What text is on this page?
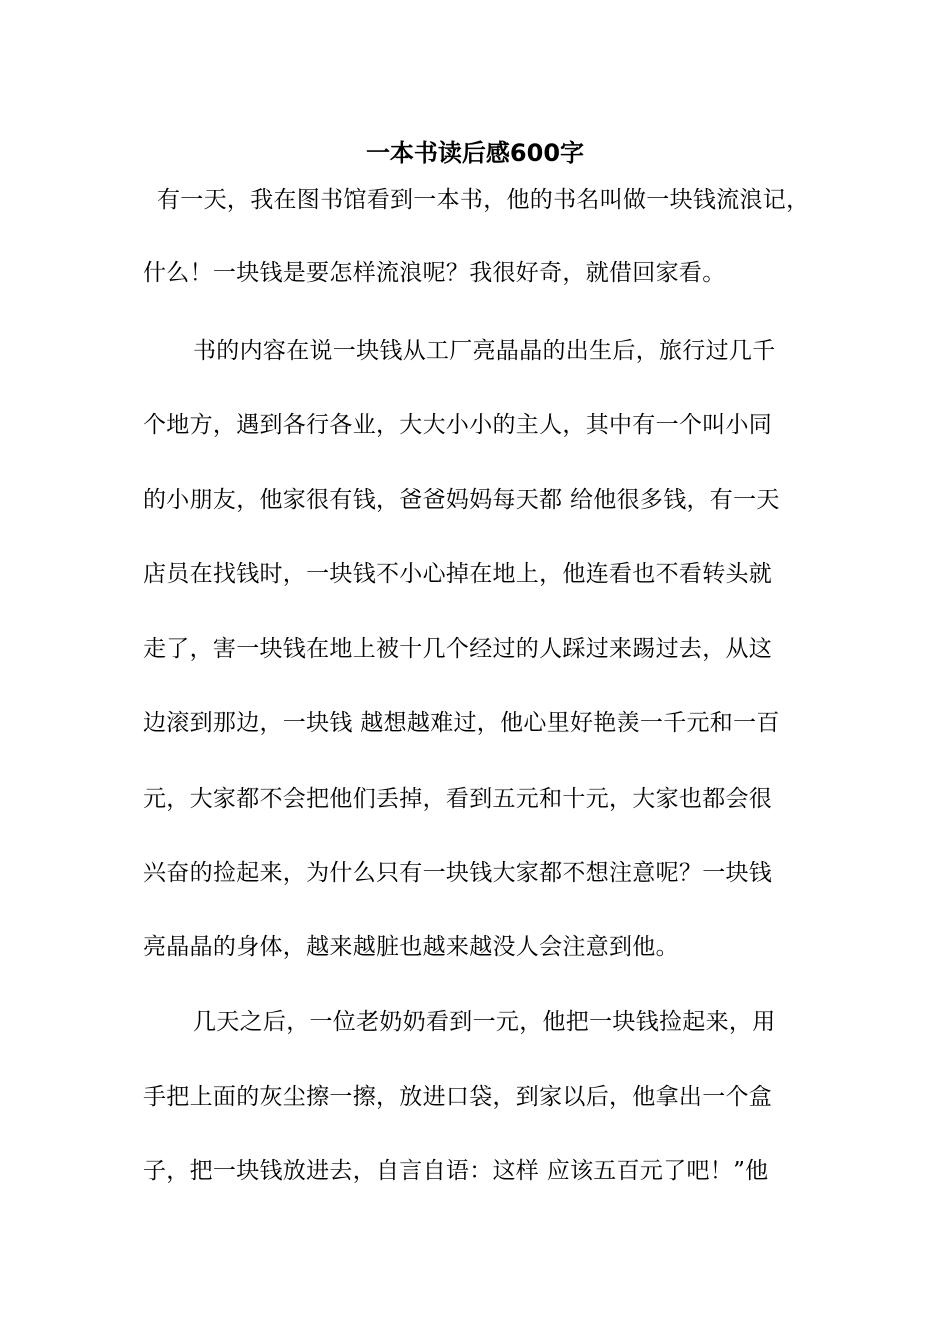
一本书读后感600字
有一天，我在图书馆看到一本书，他的书名叫做一块钱流浪记，
什么！一块钱是要怎样流浪呢？我很好奇，就借回家看。
书的内容在说一块钱从工厂亮晶晶的出生后，旅行过几千
个地方，遇到各行各业，大大小小的主人，其中有一个叫小同
的小朋友，他家很有钱，爸爸妈妈每天都 给他很多钱，有一天
店员在找钱时，一块钱不小心掉在地上，他连看也不看转头就
走了，害一块钱在地上被十几个经过的人踩过来踢过去，从这
边滚到那边，一块钱 越想越难过，他心里好艳羡一千元和一百
元，大家都不会把他们丢掉，看到五元和十元，大家也都会很
兴奋的捡起来，为什么只有一块钱大家都不想注意呢？一块钱
亮晶晶的身体，越来越脏也越来越没人会注意到他。
几天之后，一位老奶奶看到一元，他把一块钱捡起来，用
手把上面的灰尘擦一擦，放进口袋，到家以后，他拿出一个盒
子，把一块钱放进去，自言自语：这样 应该五百元了吧！”他
